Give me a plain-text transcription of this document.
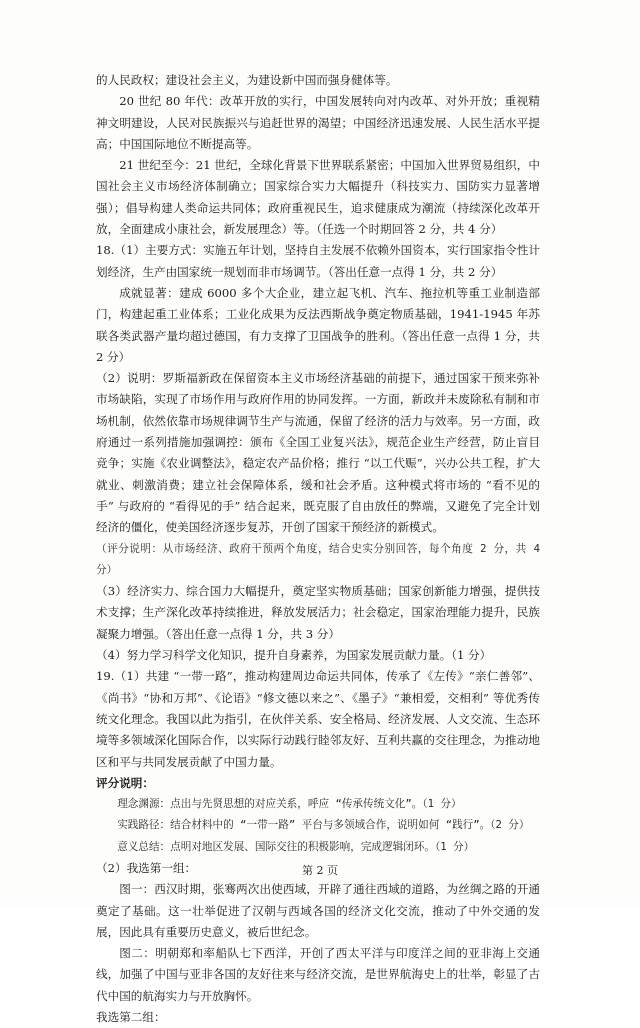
的人民政权；建设社会主义，为建设新中国而强身健体等。

20 世纪 80 年代：改革开放的实行，中国发展转向对内改革、对外开放；重视精神文明建设，人民对民族振兴与追赶世界的渴望；中国经济迅速发展、人民生活水平提高；中国国际地位不断提高等。

21 世纪至今：21 世纪，全球化背景下世界联系紧密；中国加入世界贸易组织，中国社会主义市场经济体制确立；国家综合实力大幅提升（科技实力、国防实力显著增强）；倡导构建人类命运共同体；政府重视民生，追求健康成为潮流（持续深化改革开放，全面建成小康社会，新发展理念）等。（任选一个时期回答 2 分，共 4 分）

18.（1）主要方式：实施五年计划，坚持自主发展不依赖外国资本，实行国家指令性计划经济，生产由国家统一规划而非市场调节。（答出任意一点得 1 分，共 2 分）

成就显著：建成 6000 多个大企业，建立起飞机、汽车、拖拉机等重工业制造部门，构建起重工业体系；工业化成果为反法西斯战争奠定物质基础，1941-1945 年苏联各类武器产量均超过德国，有力支撑了卫国战争的胜利。（答出任意一点得 1 分，共 2 分）

（2）说明：罗斯福新政在保留资本主义市场经济基础的前提下，通过国家干预来弥补市场缺陷，实现了市场作用与政府作用的协同发挥。一方面，新政并未废除私有制和市场机制，依然依靠市场规律调节生产与流通，保留了经济的活力与效率。另一方面，政府通过一系列措施加强调控：颁布《全国工业复兴法》，规范企业生产经营，防止盲目竞争；实施《农业调整法》，稳定农产品价格；推行 “以工代赈”，兴办公共工程，扩大就业、刺激消费；建立社会保障体系，缓和社会矛盾。这种模式将市场的 “看不见的手” 与政府的 “看得见的手” 结合起来，既克服了自由放任的弊端，又避免了完全计划经济的僵化，使美国经济逐步复苏，开创了国家干预经济的新模式。

（评分说明：从市场经济、政府干预两个角度，结合史实分别回答，每个角度 2 分，共 4 分）

（3）经济实力、综合国力大幅提升，奠定坚实物质基础；国家创新能力增强，提供技术支撑；生产深化改革持续推进，释放发展活力；社会稳定，国家治理能力提升，民族凝聚力增强。（答出任意一点得 1 分，共 3 分）

（4）努力学习科学文化知识，提升自身素养，为国家发展贡献力量。（1 分）

19.（1）共建 “一带一路”，推动构建周边命运共同体，传承了《左传》“亲仁善邻”、《尚书》“协和万邦”、《论语》“修文德以来之”、《墨子》“兼相爱，交相利” 等优秀传统文化理念。我国以此为指引，在伙伴关系、安全格局、经济发展、人文交流、生态环境等多领域深化国际合作，以实际行动践行睦邻友好、互利共赢的交往理念，为推动地区和平与共同发展贡献了中国力量。

评分说明：

理念渊源：点出与先贤思想的对应关系，呼应 “传承传统文化”。（1 分）

实践路径：结合材料中的 “一带一路” 平台与多领域合作，说明如何 “践行”。（2 分）

意义总结：点明对地区发展、国际交往的积极影响，完成逻辑闭环。（1 分）

（2）我选第一组：

图一：西汉时期，张骞两次出使西域，开辟了通往西域的道路，为丝绸之路的开通奠定了基础。这一壮举促进了汉朝与西域各国的经济文化交流，推动了中外交通的发展，因此具有重要历史意义，被后世纪念。

图二：明朝郑和率船队七下西洋，开创了西太平洋与印度洋之间的亚非海上交通线，加强了中国与亚非各国的友好往来与经济交流，是世界航海史上的壮举，彰显了古代中国的航海实力与开放胸怀。

我选第二组：

第 2 页
